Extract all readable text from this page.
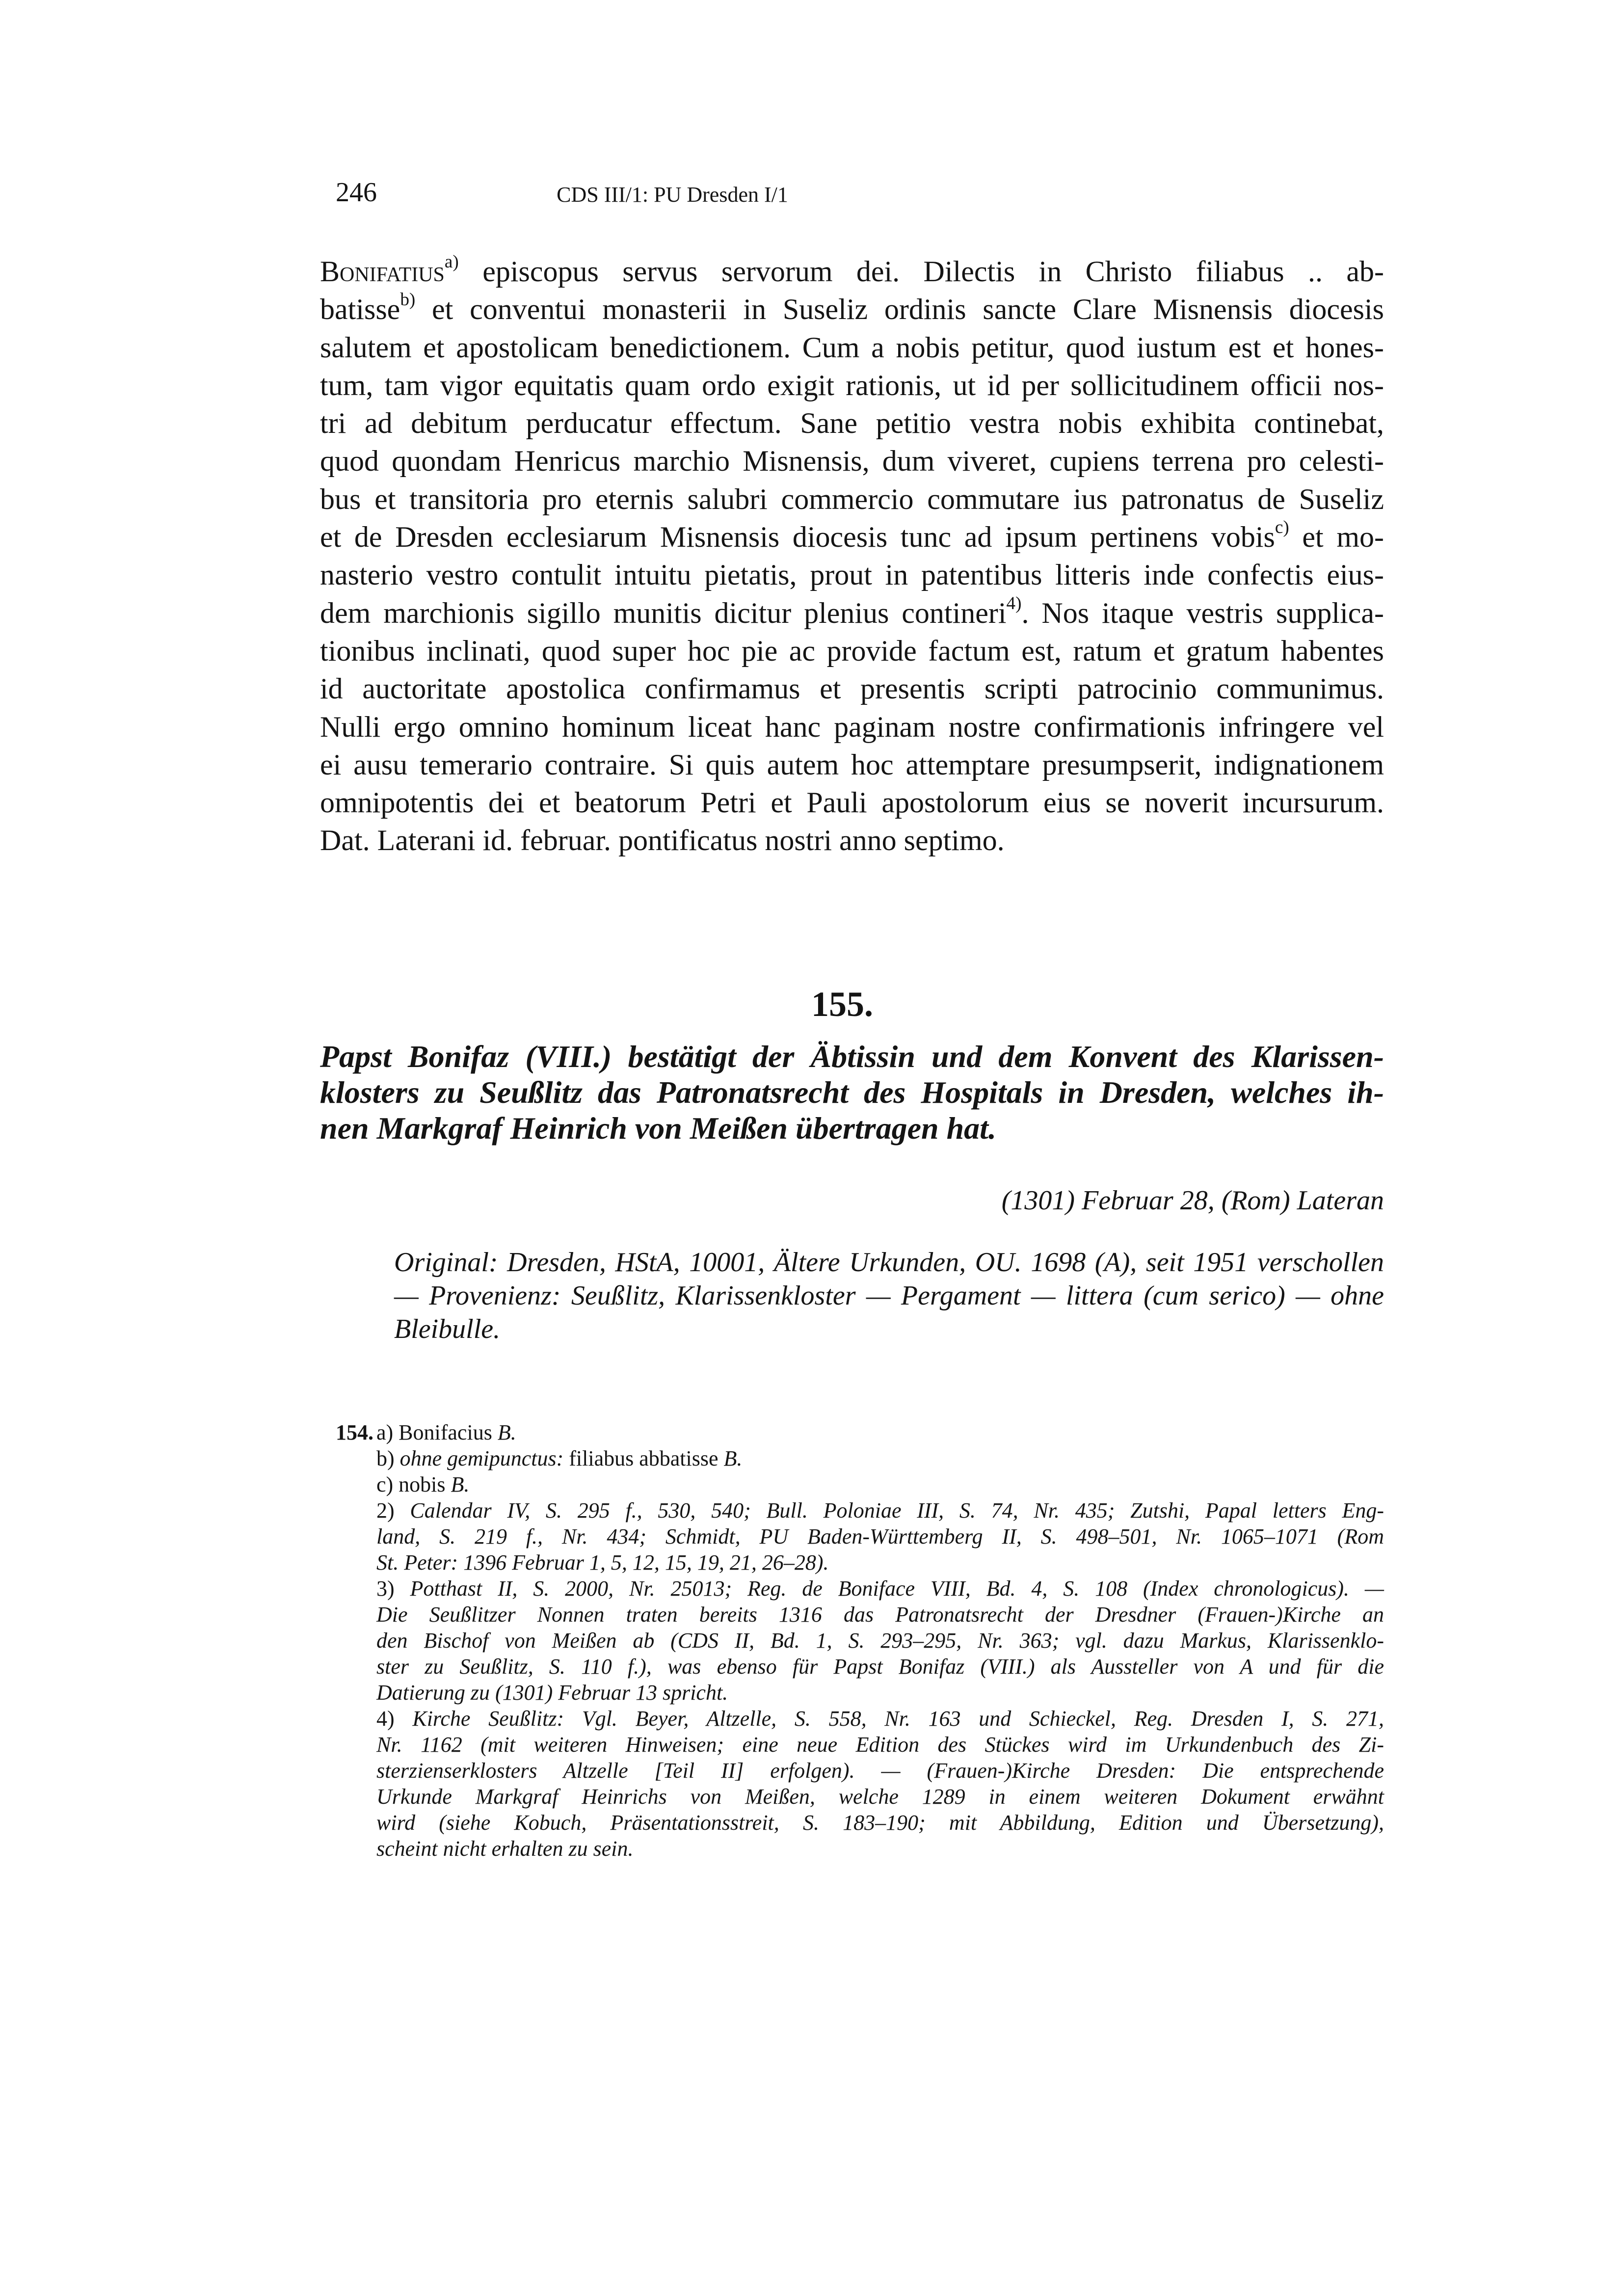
246	CDS III/1: PU Dresden I/1
Bonifatius$^{a)}$ episcopus servus servorum dei. Dilectis in Christo filiabus .. ab-
batisse$^{b)}$ et conventui monasterii in Suseliz ordinis sancte Clare Misnensis diocesis
salutem et apostolicam benedictionem. Cum a nobis petitur, quod iustum est et hones-
tum, tam vigor equitatis quam ordo exigit rationis, ut id per sollicitudinem officii nos-
tri ad debitum perducatur effectum. Sane petitio vestra nobis exhibita continebat,
quod quondam Henricus marchio Misnensis, dum viveret, cupiens terrena pro celesti-
bus et transitoria pro eternis salubri commercio commutare ius patronatus de Suseliz
et de Dresden ecclesiarum Misnensis diocesis tunc ad ipsum pertinens vobis$^{c)}$ et mo-
nasterio vestro contulit intuitu pietatis, prout in patentibus litteris inde confectis eius-
dem marchionis sigillo munitis dicitur plenius contineri$^{4)}$. Nos itaque vestris supplica-
tionibus inclinati, quod super hoc pie ac provide factum est, ratum et gratum habentes
id auctoritate apostolica confirmamus et presentis scripti patrocinio communimus.
Nulli ergo omnino hominum liceat hanc paginam nostre confirmationis infringere vel
ei ausu temerario contraire. Si quis autem hoc attemptare presumpserit, indignationem
omnipotentis dei et beatorum Petri et Pauli apostolorum eius se noverit incursurum.
Dat. Laterani id. februar. pontificatus nostri anno septimo.
155.
Papst Bonifaz (VIII.) bestätigt der Äbtissin und dem Konvent des Klarissen-
klosters zu Seußlitz das Patronatsrecht des Hospitals in Dresden, welches ih-
nen Markgraf Heinrich von Meißen übertragen hat.
(1301) Februar 28, (Rom) Lateran
Original: Dresden, HStA, 10001, Ältere Urkunden, OU. 1698 (A), seit 1951 verschollen
— Provenienz: Seußlitz, Klarissenkloster — Pergament — littera (cum serico) — ohne
Bleibulle.
154. a) Bonifacius B.
b) ohne gemipunctus: filiabus abbatisse B.
c) nobis B.
2) Calendar IV, S. 295 f., 530, 540; Bull. Poloniae III, S. 74, Nr. 435; Zutshi, Papal letters Eng-
land, S. 219 f., Nr. 434; Schmidt, PU Baden-Württemberg II, S. 498–501, Nr. 1065–1071 (Rom
St. Peter: 1396 Februar 1, 5, 12, 15, 19, 21, 26–28).
3) Potthast II, S. 2000, Nr. 25013; Reg. de Boniface VIII, Bd. 4, S. 108 (Index chronologicus). —
Die Seußlitzer Nonnen traten bereits 1316 das Patronatsrecht der Dresdner (Frauen-)Kirche an
den Bischof von Meißen ab (CDS II, Bd. 1, S. 293–295, Nr. 363; vgl. dazu Markus, Klarissenklo-
ster zu Seußlitz, S. 110 f.), was ebenso für Papst Bonifaz (VIII.) als Aussteller von A und für die
Datierung zu (1301) Februar 13 spricht.
4) Kirche Seußlitz: Vgl. Beyer, Altzelle, S. 558, Nr. 163 und Schieckel, Reg. Dresden I, S. 271,
Nr. 1162 (mit weiteren Hinweisen; eine neue Edition des Stückes wird im Urkundenbuch des Zi-
sterzienserklosters Altzelle [Teil II] erfolgen). — (Frauen-)Kirche Dresden: Die entsprechende
Urkunde Markgraf Heinrichs von Meißen, welche 1289 in einem weiteren Dokument erwähnt
wird (siehe Kobuch, Präsentationsstreit, S. 183–190; mit Abbildung, Edition und Übersetzung),
scheint nicht erhalten zu sein.
